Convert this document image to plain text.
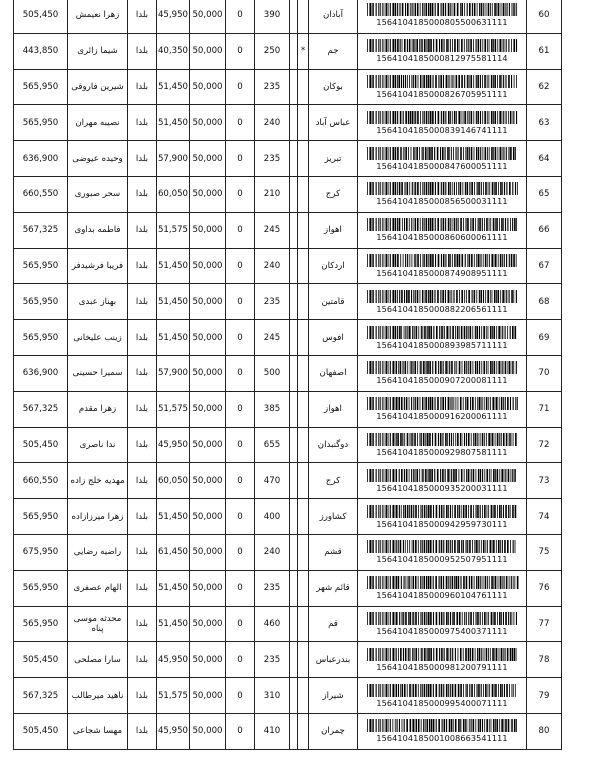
505,450	زهرا نعیمش	بلدا	45,950	50,000	0	390			آبادان	1564104185000805500631111	60
443,850	شیما زائری	بلدا	40,350	50,000	0	250		*	جم	1564104185000812975581114	61
565,950	شیرین فاروقی	بلدا	51,450	50,000	0	235			بوکان	1564104185000826705951111	62
565,950	نصیبه مهران	بلدا	51,450	50,000	0	240			عباس آباد	1564104185000839146741111	63
636,900	وحیده عیوضی	بلدا	57,900	50,000	0	235			تبریز	1564104185000847600051111	64
660,550	سحر صبوری	بلدا	60,050	50,000	0	210			کرج	1564104185000856500031111	65
567,325	فاطمه بداوی	بلدا	51,575	50,000	0	245			اهواز	1564104185000860600061111	66
565,950	فریبا فرشیدفر	بلدا	51,450	50,000	0	240			اردکان	1564104185000874908951111	67
565,950	بهناز عبدی	بلدا	51,450	50,000	0	235			قامتین	1564104185000882206561111	68
565,950	زینب علیخانی	بلدا	51,450	50,000	0	245			افوس	1564104185000893985711111	69
636,900	سمیرا حسینی	بلدا	57,900	50,000	0	500			اصفهان	1564104185000907200081111	70
567,325	زهرا مقدم	بلدا	51,575	50,000	0	385			اهواز	1564104185000916200061111	71
505,450	ندا ناصری	بلدا	45,950	50,000	0	655			دوگنبدان	1564104185000929807581111	72
660,550	مهدیه خلج زاده	بلدا	60,050	50,000	0	470			کرج	1564104185000935200031111	73
565,950	زهرا میرزازاده	بلدا	51,450	50,000	0	400			کشاورز	1564104185000942959730111	74
675,950	راضیه رضایی	بلدا	61,450	50,000	0	240			قشم	1564104185000952507951111	75
565,950	الهام عصفری	بلدا	51,450	50,000	0	235			قائم شهر	1564104185000960104761111	76
565,950	محدثه موسی پناه	بلدا	51,450	50,000	0	460			قم	1564104185000975400371111	77
505,450	سارا مصلحی	بلدا	45,950	50,000	0	235			بندرعباس	1564104185000981200791111	78
567,325	ناهید میرطالب	بلدا	51,575	50,000	0	310			شیراز	1564104185000995400071111	79
505,450	مهسا شجاعی	بلدا	45,950	50,000	0	410			چمران	1564104185001008663541111	80
